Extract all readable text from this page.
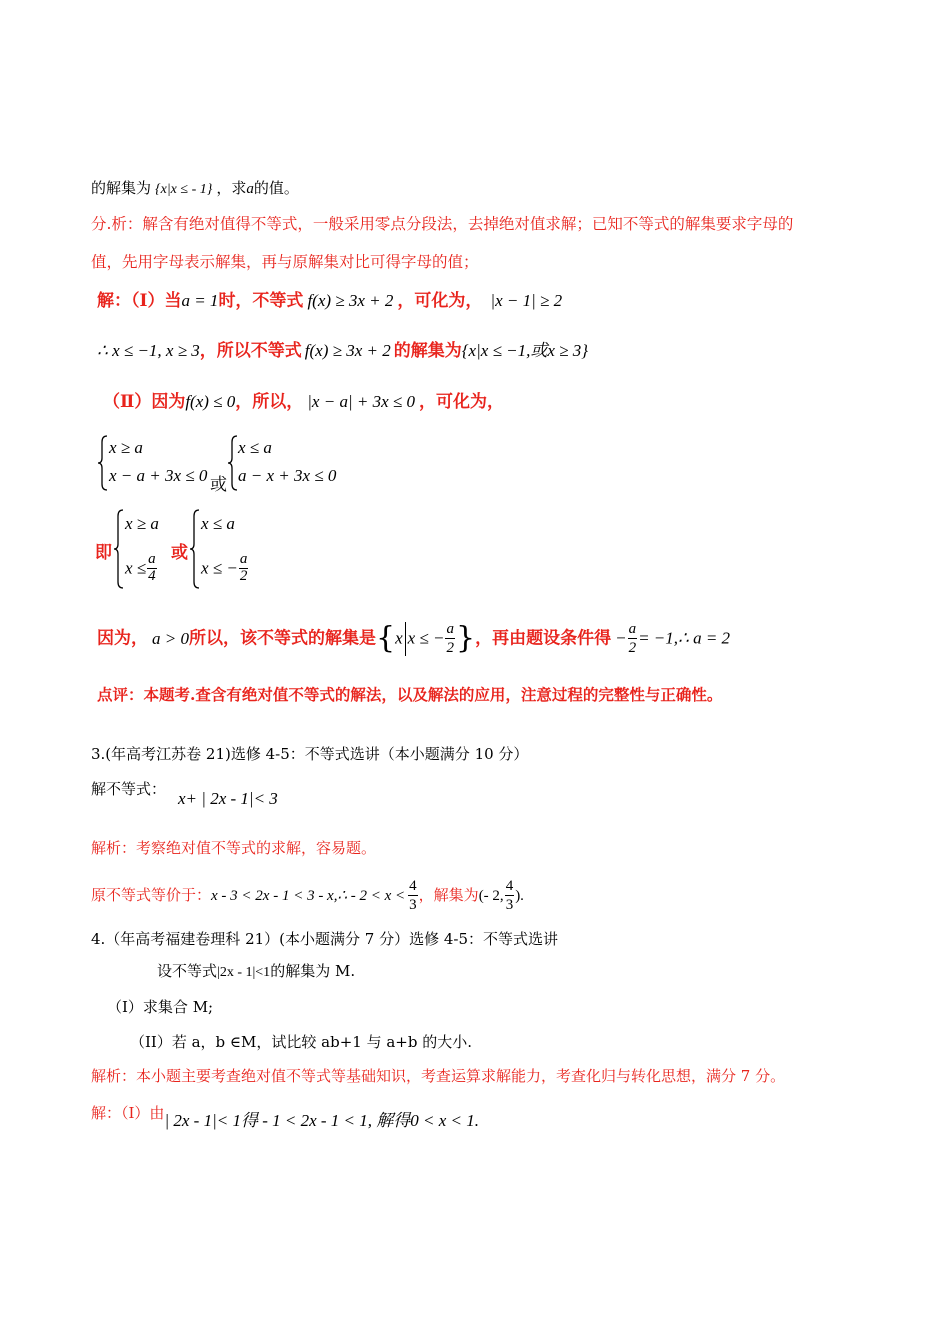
的解集为 {x|x ≤ - 1} ，求a的值。
分.析：解含有绝对值得不等式，一般采用零点分段法，去掉绝对值求解；已知不等式的解集要求字母的
值，先用字母表示解集，再与原解集对比可得字母的值；
解：（Ⅰ）当a = 1时，不等式 f(x) ≥ 3x + 2 ，可化为， |x − 1| ≥ 2
∴ x ≤ −1, x ≥ 3，所以不等式 f(x) ≥ 3x + 2 的解集为{x|x ≤ −1,或x ≥ 3}
（Ⅱ）因为f(x) ≤ 0，所以， |x − a| + 3x ≤ 0 ，可化为，
x ≥ a
x − a + 3x ≤ 0 或
x ≤ a
a − x + 3x ≤ 0
即
x ≥ a
$x \le \frac{a}{4}$ 或
x ≤ a
x ≤ − $\frac{a}{2}$
因为， a > 0所以，该不等式的解集是{x x ≤ − $\frac{a}{2}$ }，再由题设条件得 − $\frac{a}{2}$ = −1,∴ a = 2
点评：本题考.查含有绝对值不等式的解法，以及解法的应用，注意过程的完整性与正确性。
3.(年高考江苏卷 21)选修 4-5：不等式选讲（本小题满分 10 分）
解不等式： x+ | 2x - 1|< 3
解析：考察绝对值不等式的求解，容易题。
原不等式等价于：x - 3 < 2x - 1 < 3 - x,∴ - $2 < x < \frac{4}{3}$ ，解集为(- 2, $\frac{4}{3}$ ).
4.（年高考福建卷理科 21）(本小题满分 7 分）选修 4-5：不等式选讲
设不等式|2x - 1|<1的解集为 M.
（I）求集合 M;
（II）若 a，b ∈M，试比较 ab+1 与 a+b 的大小.
解析：本小题主要考查绝对值不等式等基础知识，考查运算求解能力，考查化归与转化思想，满分 7 分。
解：（I）由| 2x - 1|< 1得 - 1 < 2x - 1 < 1, 解得0 < x < 1.
